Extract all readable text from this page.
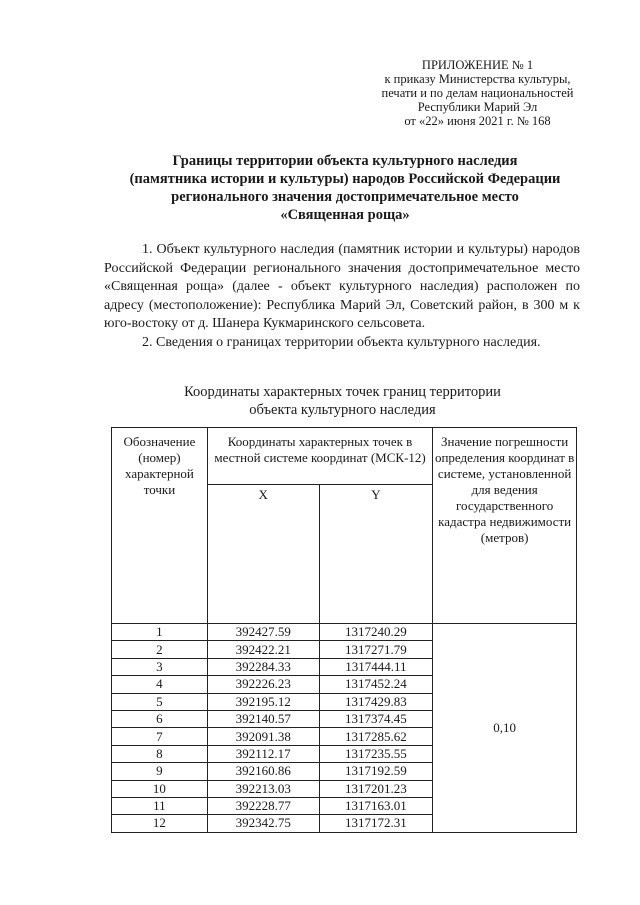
ПРИЛОЖЕНИЕ № 1
к приказу Министерства культуры,
печати и по делам национальностей
Республики Марий Эл
от «22» июня 2021 г. № 168
Границы территории объекта культурного наследия
(памятника истории и культуры) народов Российской Федерации
регионального значения достопримечательное место
«Священная роща»

1. Объект культурного наследия (памятник истории и культуры) народов Российской Федерации регионального значения достопримечательное место «Священная роща» (далее - объект культурного наследия) расположен по адресу (местоположение): Республика Марий Эл, Советский район, в 300 м к юго-востоку от д. Шанера Кукмаринского сельсовета.

2. Сведения о границах территории объекта культурного наследия.

Координаты характерных точек границ территории
объекта культурного наследия
Обозначение (номер) характерной точки	Координаты характерных точек в местной системе координат (МСК-12)		Значение погрешности определения координат в системе, установленной для ведения государственного кадастра недвижимости (метров)
	X	Y	
1	392427.59	1317240.29	0,10
2	392422.21	1317271.79	
3	392284.33	1317444.11	
4	392226.23	1317452.24	
5	392195.12	1317429.83	
6	392140.57	1317374.45	
7	392091.38	1317285.62	
8	392112.17	1317235.55	
9	392160.86	1317192.59	
10	392213.03	1317201.23	
11	392228.77	1317163.01	
12	392342.75	1317172.31	
